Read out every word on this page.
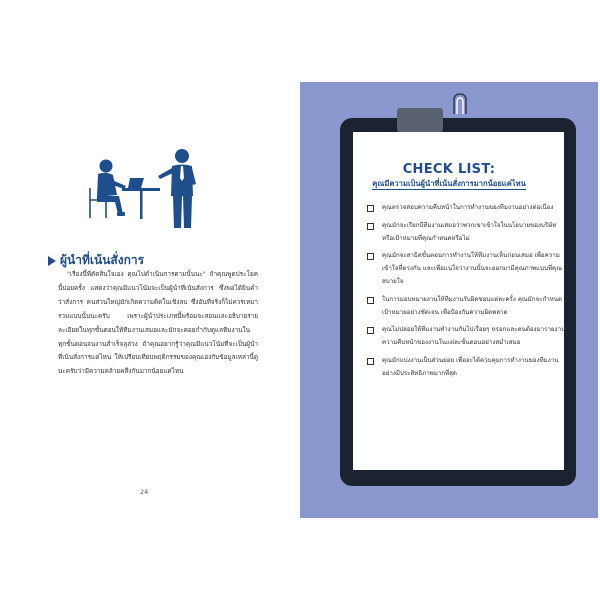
ผู้นำที่เน้นสั่งการ

"เรื่องนี้พี่ตัดสินใจเอง คุณไปดำเนินการตามนั้นนะ" ถ้าคุณพูดประโยคนี้บ่อยครั้ง แสดงว่าคุณมีแนวโน้มจะเป็นผู้นำที่เน้นสั่งการ ซึ่งพอได้ยินคำว่าสั่งการ คนส่วนใหญ่มักเกิดความคิดในเชิงลบ ซึ่งอันที่จริงก็ไม่ควรเหมารวมแบบนั้นนะครับ เพราะผู้นำประเภทนี้พร้อมจะสอนและอธิบายรายละเอียดในทุกขั้นตอนให้ทีมงานเสมอและมักจะคอยกำกับดูแลทีมงานในทุกขั้นตอนจนงานสำเร็จลุล่วง ถ้าคุณอยากรู้ว่าคุณมีแนวโน้มที่จะเป็นผู้นำที่เน้นสั่งการแค่ไหน ให้เปรียบเทียบพฤติกรรมของคุณเองกับข้อมูลเหล่านี้ดูนะครับว่ามีความคล้ายคลึงกันมากน้อยแค่ไหน

24
CHECK LIST:
คุณมีความเป็นผู้นำที่เน้นสั่งการมากน้อยแค่ไหน
คุณตรวจสอบความคืบหน้าในการทำงานของทีมงานอย่างต่อเนื่อง
คุณมักจะเรียกบีทีมงานเสมอว่าพวกเขาเข้าใจในนโยบายของบริษัท หรือเป้าหมายที่คุณกำหนดหรือไม่
คุณมักจะสาธิตขั้นตอนการทำงานให้ทีมงานเห็นก่อนเสมอ เพื่อความเข้าใจที่ตรงกัน และเพื่อแน่ใจว่างานนั้นจะออกมามีคุณภาพแบบที่คุณสบายใจ
ในการมอบหมายงานให้ทีมงานรับผิดชอบแต่ละครั้ง คุณมักจะกำหนดเป้าหมายอย่างชัดเจน เพื่อป้องกันความผิดพลาด
คุณไม่ปล่อยให้ทีมงานทำงานกันไปเรื่อยๆ หรอกและคนต้องมารายงานความคืบหน้าของงานในแต่ละขั้นตอนอย่างสม่ำเสมอ
คุณมักแบ่งงานเป็นส่วนย่อย เพื่อจะได้ควบคุมการทำงานของทีมงานอย่างมีประสิทธิภาพมากที่สุด
